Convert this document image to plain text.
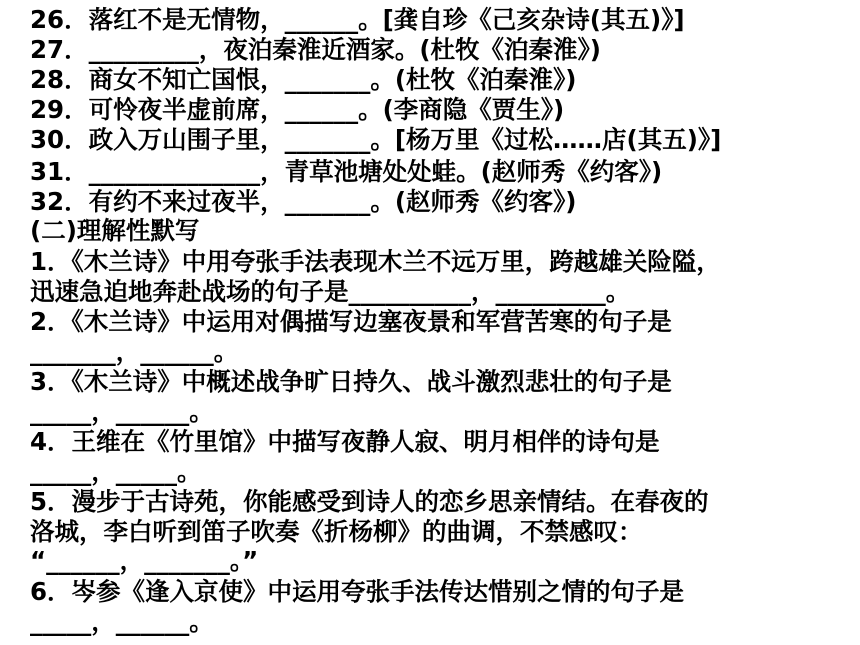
26．落红不是无情物，______。[龚自珍《己亥杂诗(其五)》]
27．_________，夜泊秦淮近酒家。(杜牧《泊秦淮》)
28．商女不知亡国恨，_______。(杜牧《泊秦淮》)
29．可怜夜半虚前席，______。(李商隐《贾生》)
30．政入万山围子里，_______。[杨万里《过松……店(其五)》]
31．______________，青草池塘处处蛙。(赵师秀《约客》)
32．有约不来过夜半，_______。(赵师秀《约客》)
(二)理解性默写
1．《木兰诗》中用夸张手法表现木兰不远万里，跨越雄关险隘，
迅速急迫地奔赴战场的句子是__________，_________。
2．《木兰诗》中运用对偶描写边塞夜景和军营苦寒的句子是
_______，______。
3．《木兰诗》中概述战争旷日持久、战斗激烈悲壮的句子是
_____，______。
4．王维在《竹里馆》中描写夜静人寂、明月相伴的诗句是
_____，_____。
5．漫步于古诗苑，你能感受到诗人的恋乡思亲情结。在春夜的
洛城，李白听到笛子吹奏《折杨柳》的曲调，不禁感叹：
“______，_______。”
6．岑参《逢入京使》中运用夸张手法传达惜别之情的句子是
_____，______。
